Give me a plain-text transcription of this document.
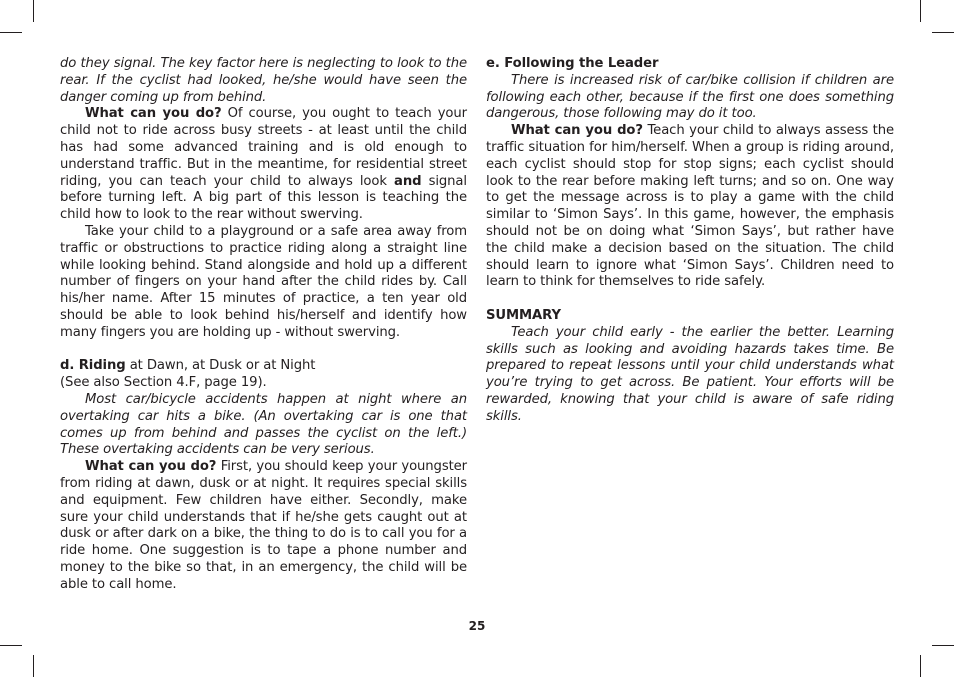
do they signal. The key factor here is neglecting to look to the rear. If the cyclist had looked, he/she would have seen the danger coming up from behind.

What can you do? Of course, you ought to teach your child not to ride across busy streets - at least until the child has had some advanced training and is old enough to understand traffic. But in the meantime, for residential street riding, you can teach your child to always look and signal before turning left. A big part of this lesson is teaching the child how to look to the rear without swerving.

Take your child to a playground or a safe area away from traffic or obstructions to practice riding along a straight line while looking behind. Stand alongside and hold up a different number of fingers on your hand after the child rides by. Call his/her name. After 15 minutes of practice, a ten year old should be able to look behind his/herself and identify how many fingers you are holding up - without swerving.

d. Riding at Dawn, at Dusk or at Night

(See also Section 4.F, page 19).

Most car/bicycle accidents happen at night where an overtaking car hits a bike. (An overtaking car is one that comes up from behind and passes the cyclist on the left.) These overtaking accidents can be very serious.

What can you do? First, you should keep your youngster from riding at dawn, dusk or at night. It requires special skills and equipment. Few children have either. Secondly, make sure your child understands that if he/she gets caught out at dusk or after dark on a bike, the thing to do is to call you for a ride home. One suggestion is to tape a phone number and money to the bike so that, in an emergency, the child will be able to call home.

e. Following the Leader

There is increased risk of car/bike collision if children are following each other, because if the first one does something dangerous, those following may do it too.

What can you do? Teach your child to always assess the traffic situation for him/herself. When a group is riding around, each cyclist should stop for stop signs; each cyclist should look to the rear before making left turns; and so on. One way to get the message across is to play a game with the child similar to ‘Simon Says’. In this game, however, the emphasis should not be on doing what ‘Simon Says’, but rather have the child make a decision based on the situation. The child should learn to ignore what ‘Simon Says’. Children need to learn to think for themselves to ride safely.

SUMMARY

Teach your child early - the earlier the better. Learning skills such as looking and avoiding hazards takes time. Be prepared to repeat lessons until your child understands what you’re trying to get across. Be patient. Your efforts will be rewarded, knowing that your child is aware of safe riding skills.

25
